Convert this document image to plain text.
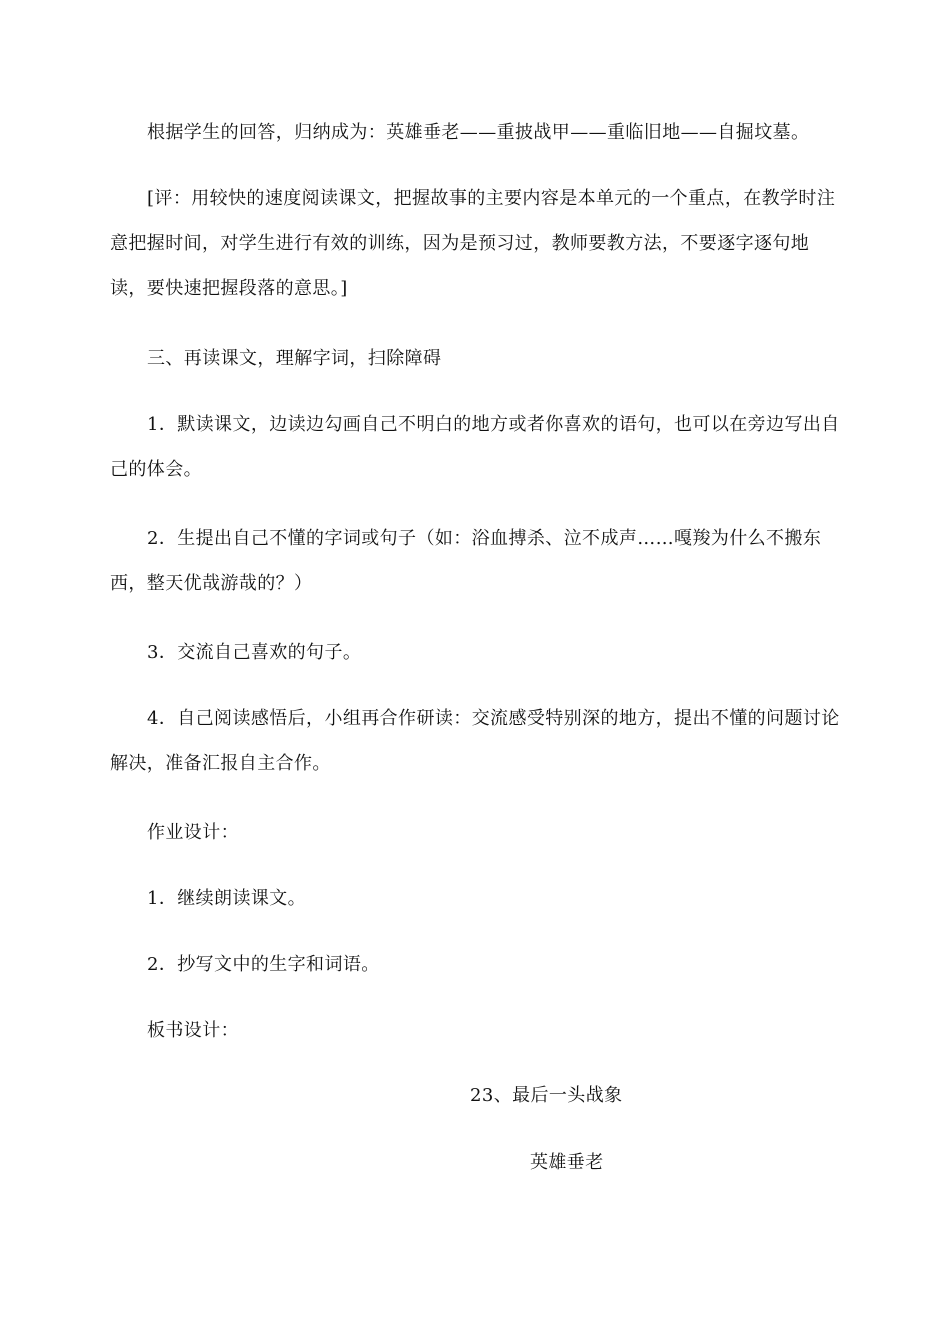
根据学生的回答，归纳成为：英雄垂老——重披战甲——重临旧地——自掘坟墓。

[评：用较快的速度阅读课文，把握故事的主要内容是本单元的一个重点，在教学时注意把握时间，对学生进行有效的训练，因为是预习过，教师要教方法，不要逐字逐句地读，要快速把握段落的意思。]

三、再读课文，理解字词，扫除障碍

1．默读课文，边读边勾画自己不明白的地方或者你喜欢的语句，也可以在旁边写出自己的体会。

2．生提出自己不懂的字词或句子（如：浴血搏杀、泣不成声……嘎羧为什么不搬东西，整天优哉游哉的？）

3．交流自己喜欢的句子。

4．自己阅读感悟后，小组再合作研读：交流感受特别深的地方，提出不懂的问题讨论解决，准备汇报自主合作。

作业设计：

1．继续朗读课文。

2．抄写文中的生字和词语。

板书设计：

23、最后一头战象

英雄垂老
